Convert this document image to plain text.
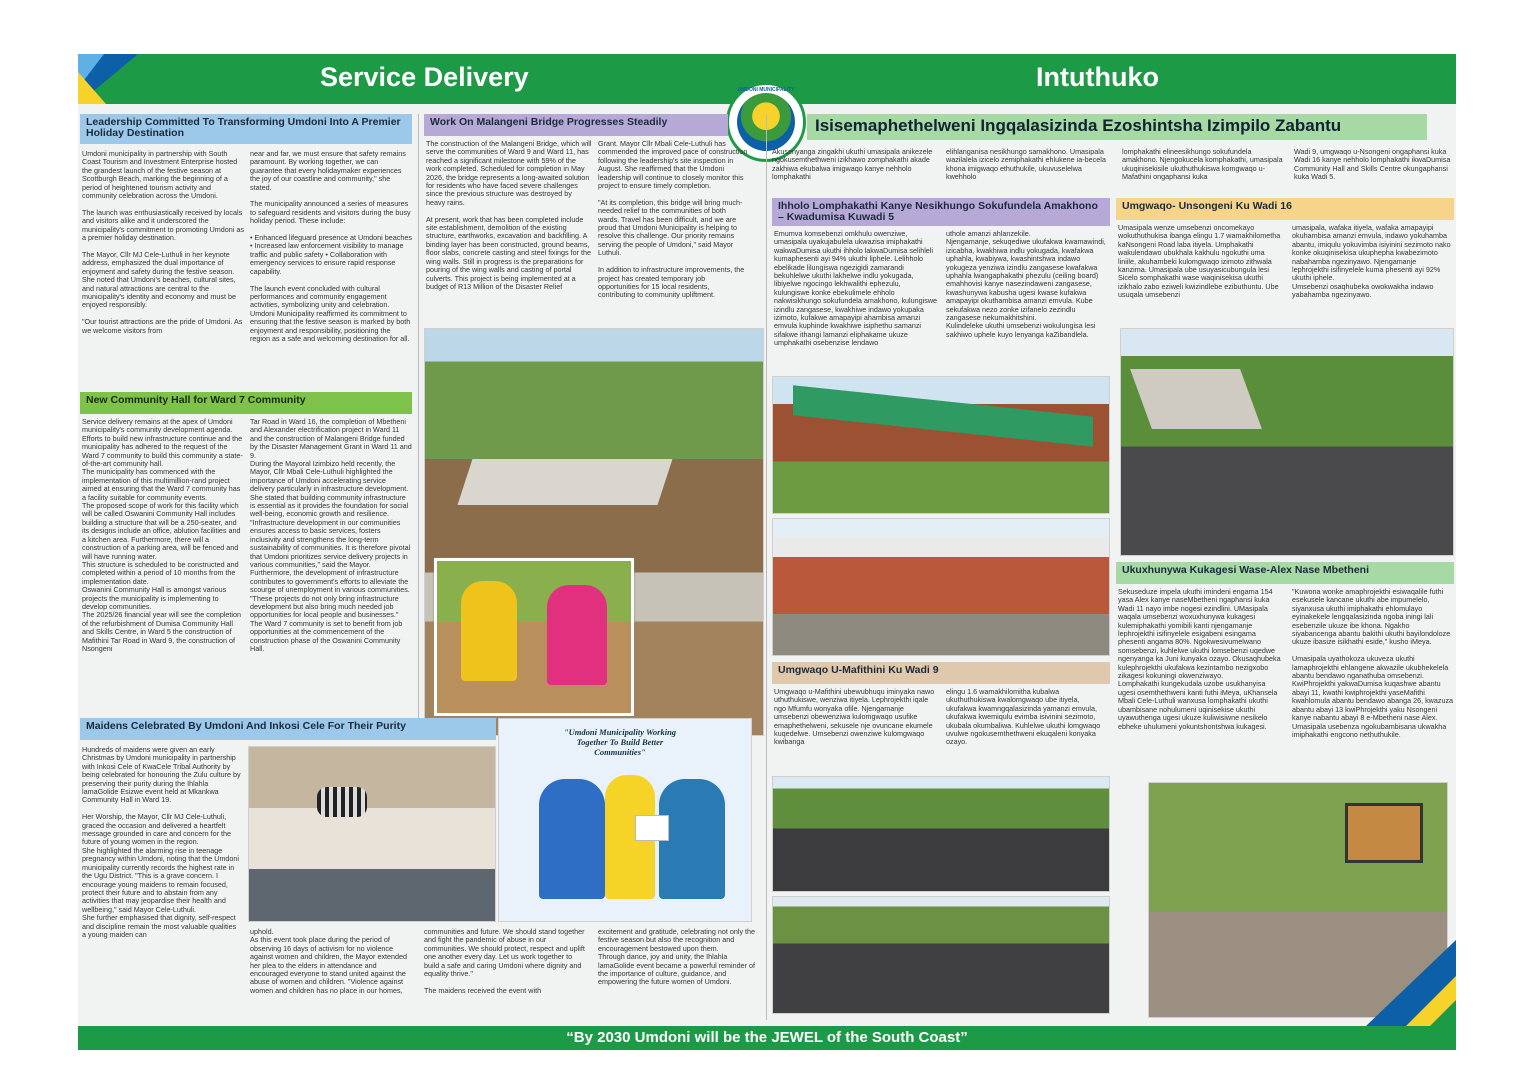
Service Delivery	Intuthuko
UMDONI MUNICIPALITY
Isisemaphethelweni Ingqalasizinda Ezoshintsha Izimpilo Zabantu
Leadership Committed To Transforming Umdoni Into A Premier Holiday Destination

Umdoni municipality in partnership with South Coast Tourism and Investment Enterprise hosted the grandest launch of the festive season at Scottburgh Beach, marking the beginning of a period of heightened tourism activity and community celebration across the Umdoni.

The launch was enthusiastically received by locals and visitors alike and it underscored the municipality's commitment to promoting Umdoni as a premier holiday destination.

The Mayor, Cllr MJ Cele-Luthuli in her keynote address, emphasized the dual importance of enjoyment and safety during the festive season. She noted that Umdoni's beaches, cultural sites, and natural attractions are central to the municipality's identity and economy and must be enjoyed responsibly.

"Our tourist attractions are the pride of Umdoni. As we welcome visitors from

near and far, we must ensure that safety remains paramount. By working together, we can guarantee that every holidaymaker experiences the joy of our coastline and community," she stated.

The municipality announced a series of measures to safeguard residents and visitors during the busy holiday period. These include:

• Enhanced lifeguard presence at Umdoni beaches • Increased law enforcement visibility to manage traffic and public safety • Collaboration with emergency services to ensure rapid response capability.

The launch event concluded with cultural performances and community engagement activities, symbolizing unity and celebration. Umdoni Municipality reaffirmed its commitment to ensuring that the festive season is marked by both enjoyment and responsibility, positioning the region as a safe and welcoming destination for all.

New Community Hall for Ward 7 Community

Service delivery remains at the apex of Umdoni municipality's community development agenda. Efforts to build new infrastructure continue and the municipality has adhered to the request of the Ward 7 community to build this community a state-of-the-art community hall.
The municipality has commenced with the implementation of this multimillion-rand project aimed at ensuring that the Ward 7 community has a facility suitable for community events.
The proposed scope of work for this facility which will be called Oswanini Community Hall includes building a structure that will be a 250-seater, and its designs include an office, ablution facilities and a kitchen area. Furthermore, there will a construction of a parking area, will be fenced and will have running water.
This structure is scheduled to be constructed and completed within a period of 10 months from the implementation date.
Oswanini Community Hall is amongst various projects the municipality is implementing to develop communities.
The 2025/26 financial year will see the completion of the refurbishment of Dumisa Community Hall and Skills Centre, in Ward 5 the construction of Mafithini Tar Road in Ward 9, the construction of Nsongeni

Tar Road in Ward 16, the completion of Mbetheni and Alexander electrification project in Ward 11 and the construction of Malangeni Bridge funded by the Disaster Management Grant in Ward 11 and 9.
During the Mayoral Izimbizo held recently, the Mayor, Cllr Mbali Cele-Luthuli highlighted the importance of Umdoni accelerating service delivery particularly in infrastructure development. She stated that building community infrastructure is essential as it provides the foundation for social well-being, economic growth and resilience. "Infrastructure development in our communities ensures access to basic services, fosters inclusivity and strengthens the long-term sustainability of communities. It is therefore pivotal that Umdoni prioritizes service delivery projects in various communities," said the Mayor.
Furthermore, the development of infrastructure contributes to government's efforts to alleviate the scourge of unemployment in various communities. "These projects do not only bring infrastructure development but also bring much needed job opportunities for local people and businesses."
The Ward 7 community is set to benefit from job opportunities at the commencement of the construction phase of the Oswanini Community Hall.

Work On Malangeni Bridge Progresses Steadily

The construction of the Malangeni Bridge, which will serve the communities of Ward 9 and Ward 11, has reached a significant milestone with 59% of the work completed. Scheduled for completion in May 2026, the bridge represents a long-awaited solution for residents who have faced severe challenges since the previous structure was destroyed by heavy rains.

At present, work that has been completed include site establishment, demolition of the existing structure, earthworks, excavation and backfilling. A binding layer has been constructed, ground beams, floor slabs, concrete casting and steel fixings for the wing walls. Still in progress is the preparations for pouring of the wing walls and casting of portal culverts. This project is being implemented at a budget of R13 Million of the Disaster Relief

Grant. Mayor Cllr Mbali Cele-Luthuli has commended the improved pace of construction following the leadership's site inspection in August. She reaffirmed that the Umdoni leadership will continue to closely monitor this project to ensure timely completion.

"At its completion, this bridge will bring much-needed relief to the communities of both wards. Travel has been difficult, and we are proud that Umdoni Municipality is helping to resolve this challenge. Our priority remains serving the people of Umdoni," said Mayor Luthuli.

In addition to infrastructure improvements, the project has created temporary job opportunities for 15 local residents, contributing to community upliftment.

Maidens Celebrated By Umdoni And Inkosi Cele For Their Purity

Hundreds of maidens were given an early Christmas by Umdoni municipality in partnership with Inkosi Cele of KwaCele Tribal Authority by being celebrated for honouring the Zulu culture by preserving their purity during the Ihlahla lamaGolide Esizwe event held at Mkankwa Community Hall in Ward 19.

Her Worship, the Mayor, Cllr MJ Cele-Luthuli, graced the occasion and delivered a heartfelt message grounded in care and concern for the future of young women in the region.
She highlighted the alarming rise in teenage pregnancy within Umdoni, noting that the Umdoni municipality currently records the highest rate in the Ugu District. "This is a grave concern. I encourage young maidens to remain focused, protect their future and to abstain from any activities that may jeopardise their health and wellbeing," said Mayor Cele-Luthuli.
She further emphasised that dignity, self-respect and discipline remain the most valuable qualities a young maiden can

"Umdoni Municipality Working Together To Build Better Communities"

uphold.
As this event took place during the period of observing 16 days of activism for no violence against women and children, the Mayor extended her plea to the elders in attendance and encouraged everyone to stand united against the abuse of women and children. "Violence against women and children has no place in our homes,

communities and future. We should stand together and fight the pandemic of abuse in our communities. We should protect, respect and uplift one another every day. Let us work together to build a safe and caring Umdoni where dignity and equality thrive."

The maidens received the event with

excitement and gratitude, celebrating not only the festive season but also the recognition and encouragement bestowed upon them.
Through dance, joy and unity, the Ihlahla lamaGolide event became a powerful reminder of the importance of culture, guidance, and empowering the future women of Umdoni.

Akusenyanga zingakhi ukuthi umasipala anikezele ngokusemthethweni izikhawo zomphakathi akade zakhiwa ekubalwa imigwaqo kanye nehholo lomphakathi

elihlanganisa nesikhungo samakhono. Umasipala wazilalela izicelo zemiphakathi ehlukene ia-becela khona imigwaqo ethuthukile, ukuvuselelwa kwehholo

lomphakathi elineesikhungo sokufundela amakhono. Njengokucela komphakathi, umasipala ukuqinisekisile ukuthuthukiswa komgwaqo u-Mafathini ongaphansi kuka

Wadi 9, umgwaqo u-Nsongeni ongaphansi kuka Wadi 16 kanye nehholo lomphakathi ikwaDumisa Community Hall and Skills Centre okungaphansi kuka Wadi 5.

Ihholo Lomphakathi Kanye Nesikhungo Sokufundela Amakhono – Kwadumisa Kuwadi 5

Emumva komsebenzi omkhulu owenziwe, umasipala uyakujabulela ukwazisa imiphakathi wakwaDumisa ukuthi ihholo lakwaDumisa selihleli kumaphesenti ayi 94% ukuthi liphele. Lelihholo ebelikade lilungiswa ngezigidi zamarandi bekuhlelwe ukuthi lakhelwe indlu yokugada, libiyelwe ngocingo lekhwalithi ephezulu, kulungiswe konke ebekulimele ehholo nakwisikhungo sokufundela amakhono, kulungiswe izindlu zangasese, kwakhiwe indawo yokupaka izimoto, kufakwe amapayipi ahambisa amanzi emvula kuphinde kwakhiwe isiphethu samanzi sifakwe ithangi lamanzi eliphakame ukuze umphakathi osebenzise lendawo

uthole amanzi ahlanzekile.
Njengamanje, sekuqediwe ukufakwa kwamawindi, izicabha, kwakhiwa indlu yokugada, kwafakwa uphahla, kwabiywa, kwashintshwa indawo yokugeza yenziwa izindlu zangasese kwafakwa uphahla lwangaphakathi phezulu (ceiling board) emahhovisi kanye nasezindaweni zangasese, kwashunywa kabusha ugesi kwase kufakwa amapayipi okuthambisa amanzi emvula. Kube sekufakwa nezo zonke izifanelo zezindlu zangasese nekumakhitshini.
Kulindeleke ukuthi umsebenzi wokulungisa lesi sakhiwo uphele kuyo lenyanga kaZibandlela.

Umgwaqo- Unsongeni Ku Wadi 16

Umasipala wenze umsebenzi oncomekayo wokuthuthukisa ibanga elingu 1.7 wamakhilometha kaNsongeni Road laba itiyela. Umphakathi wakulendawo ubukhala kakhulu ngokuthi uma liniile, akuhambeki kulomgwaqo izimoto zithwala kanzima. Umasipala ube usuyasicubungula lesi Sicelo somphakathi wase waqinisekisa ukuthi izikhalo zabo eziweli kwizindlebe ezibuthuntu. Ube usuqala umsebenzi

umasipala, wafaka itiyela, wafaka amapayipi okuhambisa amanzi emvula, indawo yokuhamba abantu, imiqulu yokuvimba isiyinini sezimoto nako konke okuqinisekisa ukuphepha kwabezimoto nabahamba ngezinyawo. Njengamanje lephrojekthi isifinyelele kuma phesenti ayi 92% ukuthi iphele.
Umsebenzi osaqhubeka owokwakha indawo yabahamba ngezinyawo.

Umgwaqo U-Mafithini Ku Wadi 9

Umgwaqo u-Mafithini ubewubhuqu iminyaka nawo uthuthukiswe, wenziwa itiyela. Lephrojekthi iqale ngo Mfumfu wonyaka ofile. Njengamanje umsebenzi obewenziwa kulomgwaqo usufike emaphethelweni, sekusele nje ovuncane ekumele kuqedelwe. Umsebenzi owenziwe kulomgwaqo kwibanga

elingu 1.6 wamakhilomitha kubalwa ukuthuthukiswa kwalomgwaqo ube itiyela, ukufakwa kwamngqalasizinda yamanzi emvula, ukufakwa kwemiqulu evimba isivinini sezimoto, ukubala okumbaliwa. Kuhlelwe ukuthi lomgwaqo uvulwe ngokusemthethweni ekuqaleni konyaka ozayo.

Ukuxhunywa Kukagesi Wase-Alex Nase Mbetheni

Sekuseduze impela ukuthi imindeni engama 154 yasa Alex kanye naseMbetheni ngaphansi kuka Wadi 11 nayo imbe nogesi ezindlini. UMasipala waqala umsebenzi woxuxhunywa kukagesi kulemiphakathi yomibili kanti njengamanje lephrojekthi isifinyelele esigabeni esingama phesenti angama 80%. Ngokwesivumelwano somsebenzi, kuhlelwe ukuthi lomsebenzi uqedwe ngenyanga ka Juni kunyaka ozayo. Okusaqhubeka kulephrojekthi ukufakwa kezintambo nezigxobo zikagesi kokuningi okwenziwayo.
Lomphakathi kungekudala uzobe usukhanyisa ugesi osemthethweni kanti futhi iMeya, uKhansela Mbali Cele-Luthuli wanxusa lomphakathi ukuthi ubambisane nohulumeni uqinisekise ukuthi uyawuthenga ugesi ukuze kuliwisiwne nesikelo ebheke uhulumeni yokuntshontshwa kukagesi.

"Kuwona wonke amaphrojekthi esiwaqalile futhi esekusele kancane ukuthi abe impumelelo, siyanxusa ukuthi imiphakathi ehlomulayo eyinakekele lengqalasizinda ngoba iningi lali esebenzile ukuze ibe khona. Ngakho siyabancenga abantu bakithi ukuthi bayilondoloze ukuze ibasize isikhathi eside," kusho iMeya.

Umasipala uyathokoza ukuveza ukuthi lamaphrojekthi ehlangene akwazile ukubhekelela abantu bendawo nganathuba omsebenzi. KwiPhrojekthi yakwaDumisa kuqashwe abantu abayi 11, kwathi kwiphrojekthi yaseMafithi kwahlomula abantu bendawo abanga 26, kwazuza abantu abayi 13 kwiPhrojekthi yaku Nsongeni kanye nabantu abayi 8 e-Mbetheni nase Alex. Umasipala usebenza ngokubambisana ukwakha imiphakathi engcono nethuthukile.

“By 2030 Umdoni will be the JEWEL of the South Coast”
